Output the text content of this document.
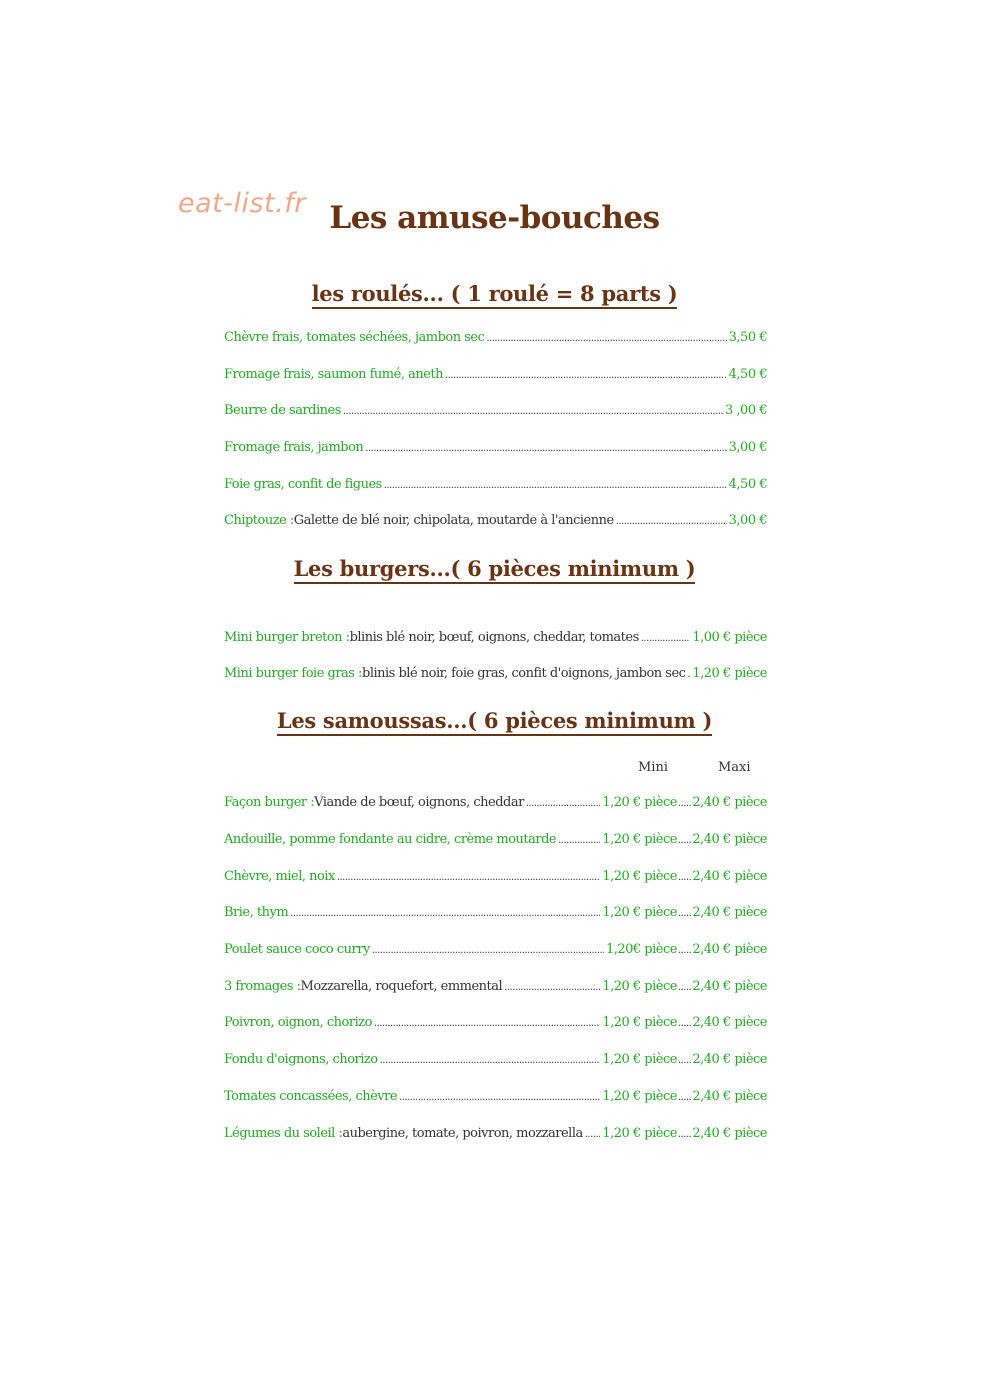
eat-list.fr Les amuse-bouches
les roulés... ( 1 roulé = 8 parts )
Chèvre frais, tomates séchées, jambon sec .....	3,50 €
Fromage frais, saumon fumé, aneth .....	4,50 €
Beurre de sardines .....	3 ,00 €
Fromage frais, jambon .....	3,00 €
Foie gras, confit de figues .....	4,50 €
Chiptouze : Galette de blé noir, chipolata, moutarde à l'ancienne .....	3,00 €
Les burgers...( 6 pièces minimum )
Mini burger breton : blinis blé noir, bœuf, oignons, cheddar, tomates .....	1,00 € pièce
Mini burger foie gras : blinis blé noir, foie gras, confit d'oignons, jambon sec ..... 1,20 € pièce
Les samoussas...( 6 pièces minimum )
Mini	Maxi
Façon burger : Viande de bœuf, oignons, cheddar .....	1,20 € pièce ..... 2,40 € pièce
Andouille, pomme fondante au cidre, crème moutarde .....	1,20 € pièce ..... 2,40 € pièce
Chèvre, miel, noix .....	1,20 € pièce ..... 2,40 € pièce
Brie, thym .....	1,20 € pièce ..... 2,40 € pièce
Poulet sauce coco curry .....	1,20€ pièce ..... 2,40 € pièce
3 fromages : Mozzarella, roquefort, emmental .....	1,20 € pièce ..... 2,40 € pièce
Poivron, oignon, chorizo .....	1,20 € pièce ..... 2,40 € pièce
Fondu d'oignons, chorizo .....	1,20 € pièce ..... 2,40 € pièce
Tomates concassées, chèvre .....	1,20 € pièce ..... 2,40 € pièce
Légumes du soleil : aubergine, tomate, poivron, mozzarella ..... 1,20 € pièce ..... 2,40 € pièce
